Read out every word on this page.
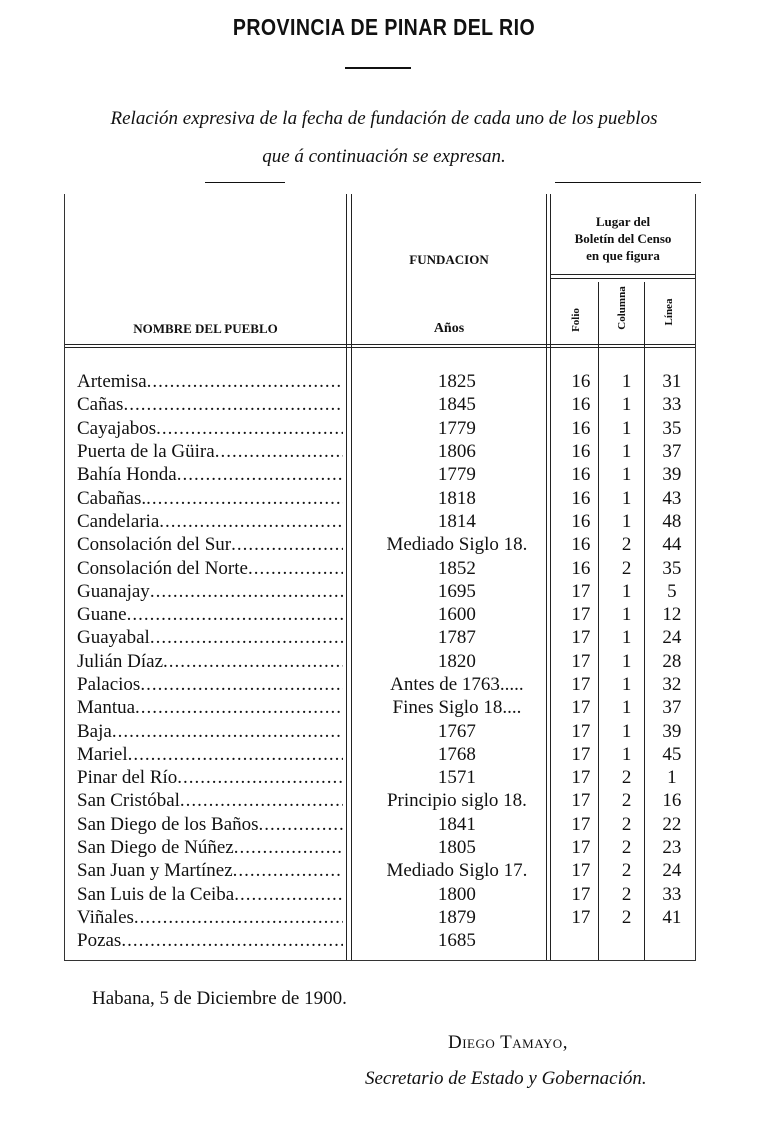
PROVINCIA DE PINAR DEL RIO
Relación expresiva de la fecha de fundación de cada uno de los pueblos
que á continuación se expresan.
NOMBRE DEL PUEBLO
FUNDACION
Años
Lugar del
Boletín del Censo
en que figura
Folio	Columna	Línea
Artemisa .....	1825	16	1	31
Cañas .....	1845	16	1	33
Cayajabos .....	1779	16	1	35
Puerta de la Güira .....	1806	16	1	37
Bahía Honda .....	1779	16	1	39
Cabañas. .....	1818	16	1	43
Candelaria .....	1814	16	1	48
Consolación del Sur .....	Mediado Siglo 18.	16	2	44
Consolación del Norte .....	1852	16	2	35
Guanajay .....	1695	17	1	5
Guane .....	1600	17	1	12
Guayabal .....	1787	17	1	24
Julián Díaz .....	1820	17	1	28
Palacios .....	Antes de 1763.....	17	1	32
Mantua .....	Fines Siglo 18....	17	1	37
Baja .....	1767	17	1	39
Mariel .....	1768	17	1	45
Pinar del Río .....	1571	17	2	1
San Cristóbal .....	Principio siglo 18.	17	2	16
San Diego de los Baños .....	1841	17	2	22
San Diego de Núñez .....	1805	17	2	23
San Juan y Martínez .....	Mediado Siglo 17.	17	2	24
San Luis de la Ceiba .....	1800	17	2	33
Viñales .....	1879	17	2	41
Pozas .....	1685
Habana, 5 de Diciembre de 1900.
Diego Tamayo,
Secretario de Estado y Gobernación.
